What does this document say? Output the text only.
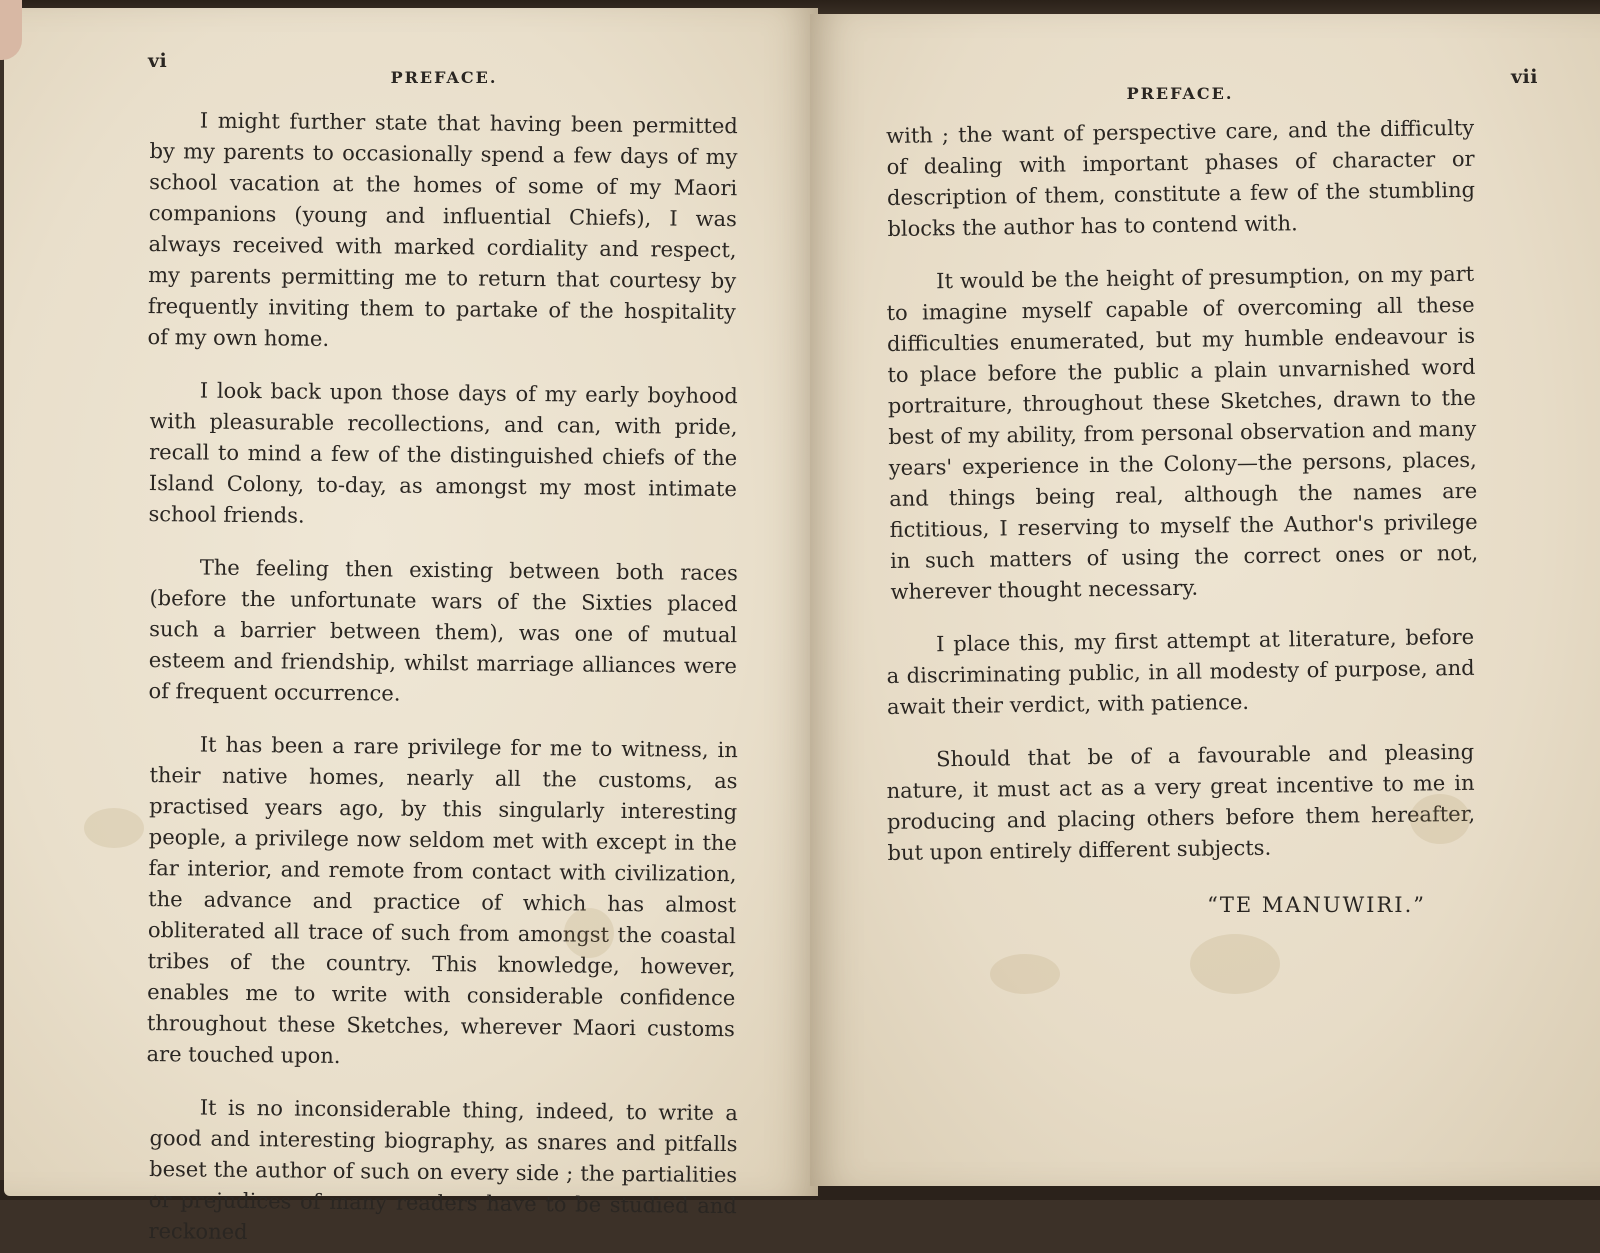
vi
PREFACE.

I might further state that having been permitted by my parents to occasionally spend a few days of my school vacation at the homes of some of my Maori companions (young and influential Chiefs), I was always received with marked cordiality and respect, my parents permitting me to return that courtesy by frequently inviting them to partake of the hospitality of my own home.

I look back upon those days of my early boyhood with pleasurable recollections, and can, with pride, recall to mind a few of the distinguished chiefs of the Island Colony, to-day, as amongst my most intimate school friends.

The feeling then existing between both races (before the unfortunate wars of the Sixties placed such a barrier between them), was one of mutual esteem and friendship, whilst marriage alliances were of frequent occurrence.

It has been a rare privilege for me to witness, in their native homes, nearly all the customs, as practised years ago, by this singularly interesting people, a privilege now seldom met with except in the far interior, and remote from contact with civilization, the advance and practice of which has almost obliterated all trace of such from amongst the coastal tribes of the country. This knowledge, however, enables me to write with considerable confidence throughout these Sketches, wherever Maori customs are touched upon.

It is no inconsiderable thing, indeed, to write a good and interesting biography, as snares and pitfalls beset the author of such on every side ; the partialities or prejudices of many readers have to be studied and reckoned

vii
PREFACE.

with ; the want of perspective care, and the difficulty of dealing with important phases of character or description of them, constitute a few of the stumbling blocks the author has to contend with.

It would be the height of presumption, on my part to imagine myself capable of overcoming all these difficulties enumerated, but my humble endeavour is to place before the public a plain unvarnished word portraiture, throughout these Sketches, drawn to the best of my ability, from personal observation and many years' experience in the Colony—the persons, places, and things being real, although the names are fictitious, I reserving to myself the Author's privilege in such matters of using the correct ones or not, wherever thought necessary.

I place this, my first attempt at literature, before a discriminating public, in all modesty of purpose, and await their verdict, with patience.

Should that be of a favourable and pleasing nature, it must act as a very great incentive to me in producing and placing others before them hereafter, but upon entirely different subjects.

“TE MANUWIRI.”
